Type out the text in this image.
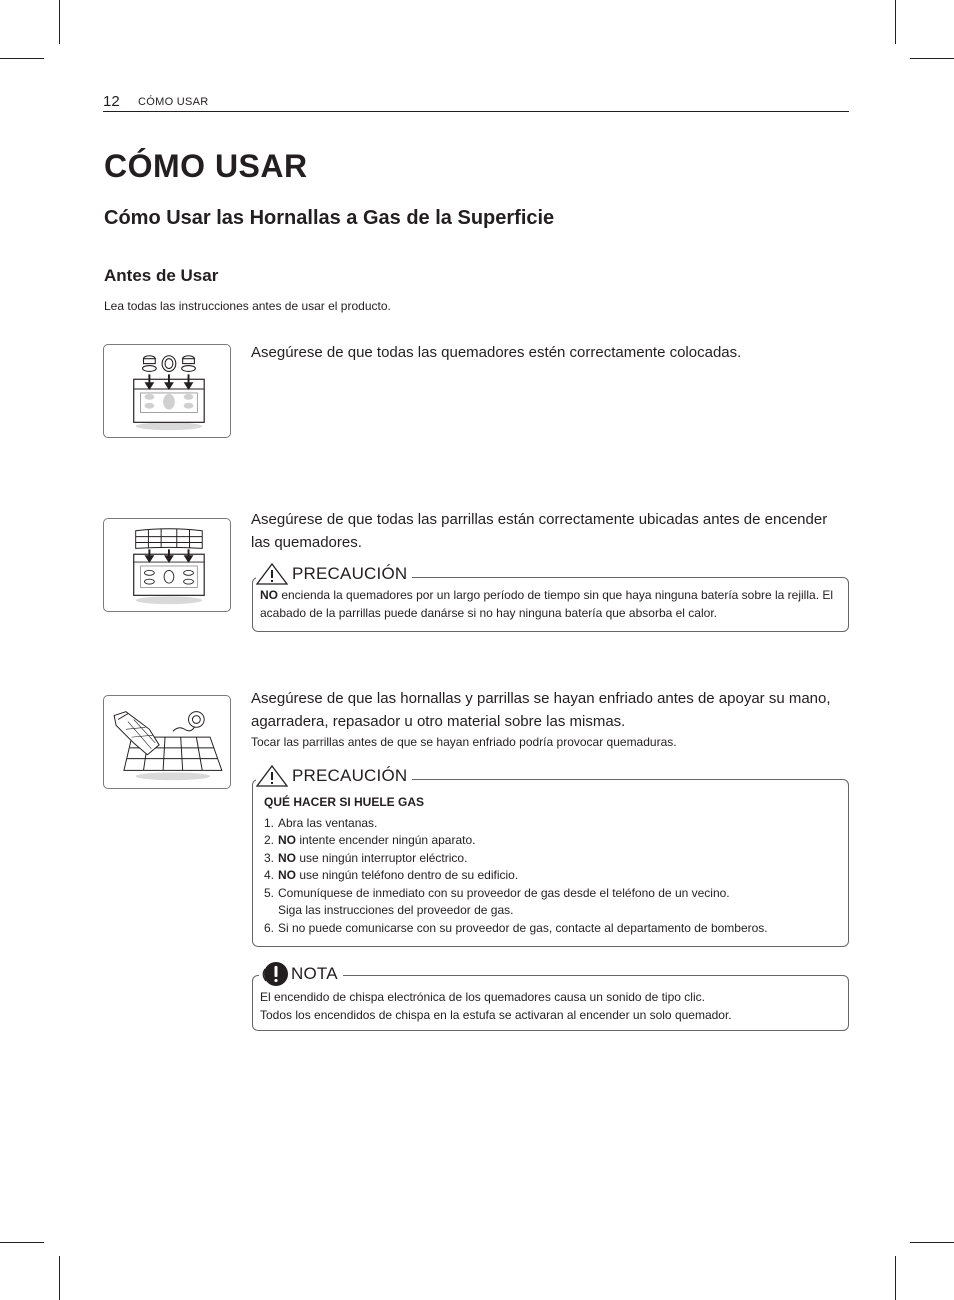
12 CÓMO USAR
CÓMO USAR
Cómo Usar las Hornallas a Gas de la Superficie
Antes de Usar
Lea todas las instrucciones antes de usar el producto.
Asegúrese de que todas las quemadores estén correctamente colocadas.
Asegúrese de que todas las parrillas están correctamente ubicadas antes de encender las quemadores.
PRECAUCIÓN
NO encienda la quemadores por un largo período de tiempo sin que haya ninguna batería sobre la rejilla. El acabado de la parrillas puede danárse si no hay ninguna batería que absorba el calor.
Asegúrese de que las hornallas y parrillas se hayan enfriado antes de apoyar su mano, agarradera, repasador u otro material sobre las mismas.
Tocar las parrillas antes de que se hayan enfriado podría provocar quemaduras.
PRECAUCIÓN
QUÉ HACER SI HUELE GAS
1. Abra las ventanas.
2. NO intente encender ningún aparato.
3. NO use ningún interruptor eléctrico.
4. NO use ningún teléfono dentro de su edificio.
5. Comuníquese de inmediato con su proveedor de gas desde el teléfono de un vecino.
Siga las instrucciones del proveedor de gas.
6. Si no puede comunicarse con su proveedor de gas, contacte al departamento de bomberos.
NOTA
El encendido de chispa electrónica de los quemadores causa un sonido de tipo clic.
Todos los encendidos de chispa en la estufa se activaran al encender un solo quemador.
